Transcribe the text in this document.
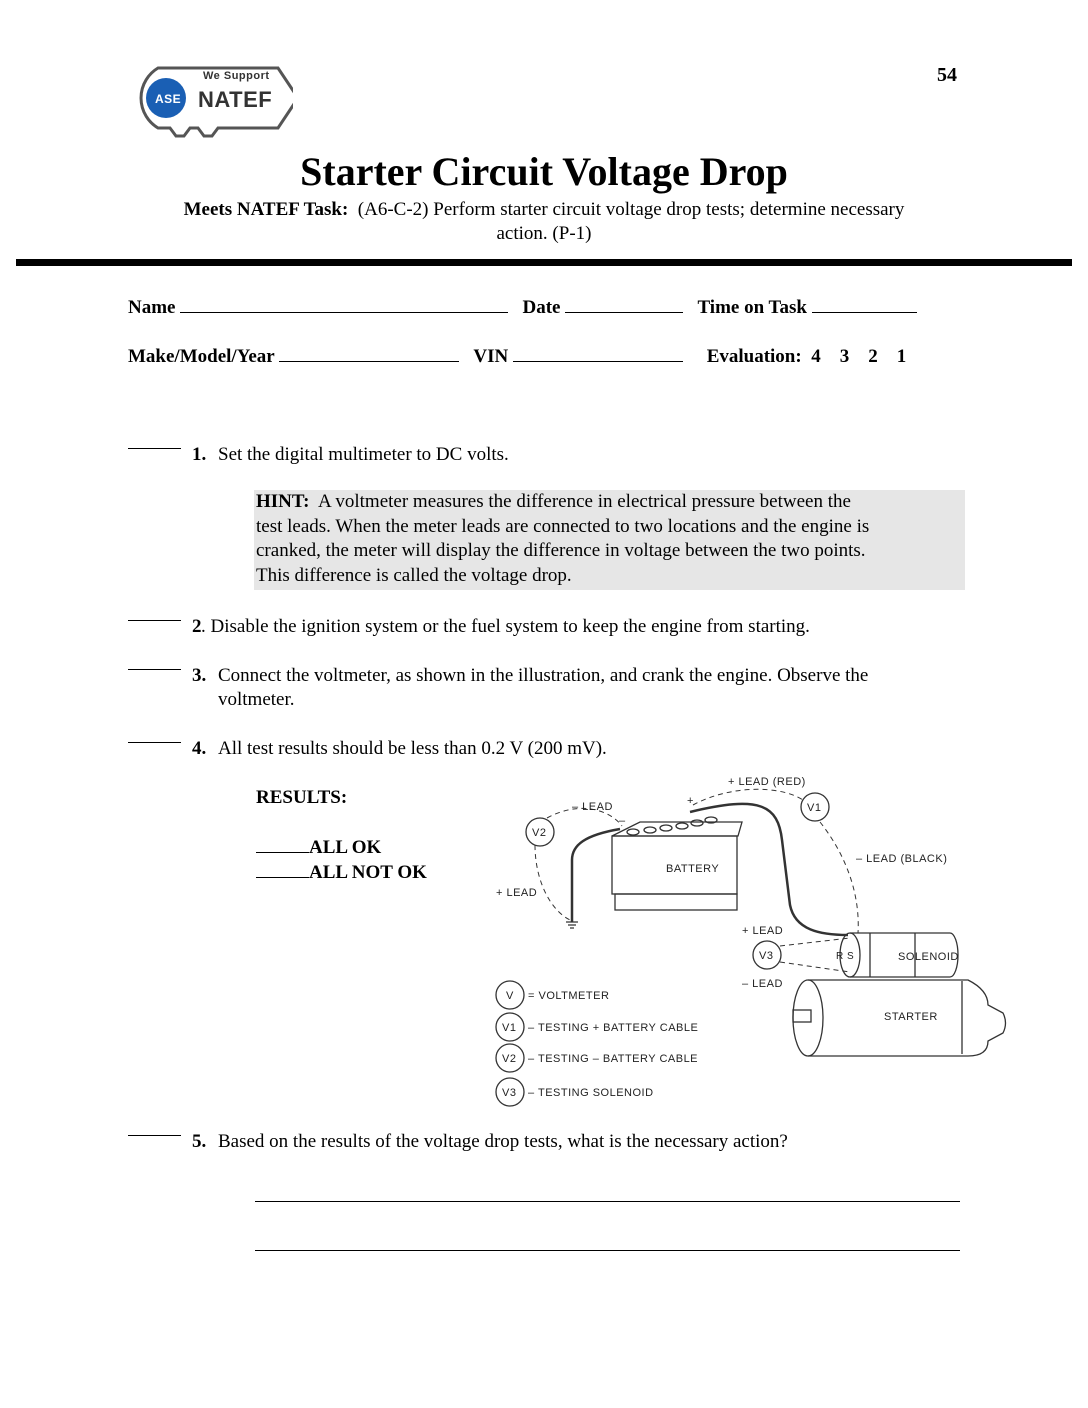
ASE
We Support
NATEF
54
Starter Circuit Voltage Drop
Meets NATEF Task: (A6-C-2) Perform starter circuit voltage drop tests; determine necessary
action. (P-1)
Name	Date	Time on Task
Make/Model/Year	VIN	Evaluation: 4 3 2 1
1. Set the digital multimeter to DC volts.
HINT: A voltmeter measures the difference in electrical pressure between the
test leads. When the meter leads are connected to two locations and the engine is
cranked, the meter will display the difference in voltage between the two points.
This difference is called the voltage drop.
2 . Disable the ignition system or the fuel system to keep the engine from starting.
3. Connect the voltmeter, as shown in the illustration, and crank the engine. Observe the
voltmeter.
4. All test results should be less than 0.2 V (200 mV).
RESULTS:
ALL OK
ALL NOT OK
+ LEAD (RED)
– LEAD
– LEAD (BLACK)
+ LEAD
+ LEAD
– LEAD
BATTERY
SOLENOID
STARTER
R S
+
–
V1
V2
V3
V
V1
V2
V3
= VOLTMETER
– TESTING + BATTERY CABLE
– TESTING – BATTERY CABLE
– TESTING SOLENOID
5. Based on the results of the voltage drop tests, what is the necessary action?
